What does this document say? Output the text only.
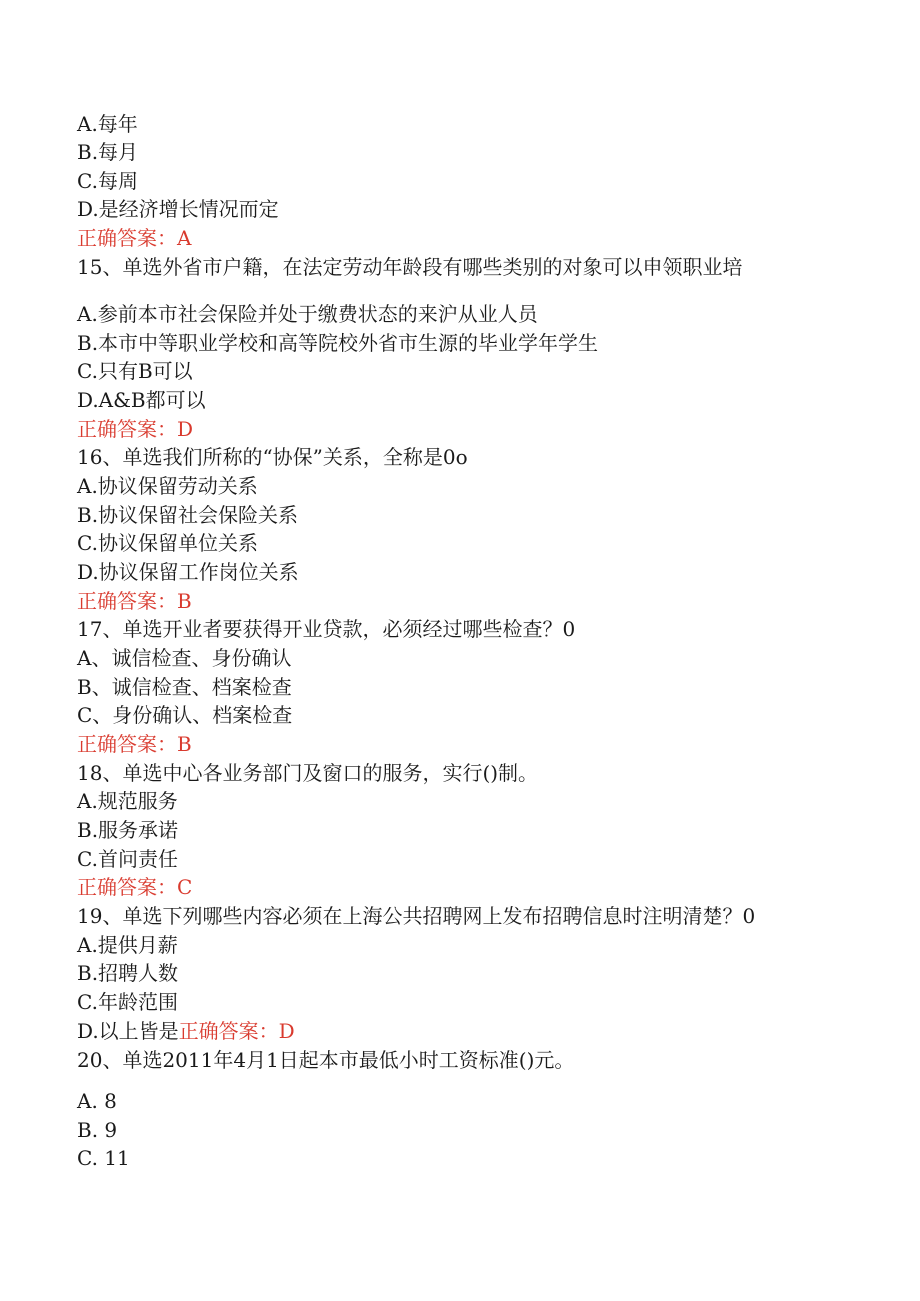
A.每年
B.每月
C.每周
D.是经济增长情况而定
正确答案：A
15、单选外省市户籍，在法定劳动年龄段有哪些类别的对象可以申领职业培
A.参前本市社会保险并处于缴费状态的来沪从业人员
B.本市中等职业学校和高等院校外省市生源的毕业学年学生
C.只有B可以
D.A&B都可以
正确答案：D
16、单选我们所称的“协保”关系，全称是0o
A.协议保留劳动关系
B.协议保留社会保险关系
C.协议保留单位关系
D.协议保留工作岗位关系
正确答案：B
17、单选开业者要获得开业贷款，必须经过哪些检查？0
A、诚信检查、身份确认
B、诚信检查、档案检查
C、身份确认、档案检查
正确答案：B
18、单选中心各业务部门及窗口的服务，实行()制。
A.规范服务
B.服务承诺
C.首问责任
正确答案：C
19、单选下列哪些内容必须在上海公共招聘网上发布招聘信息时注明清楚？0
A.提供月薪
B.招聘人数
C.年龄范围
D.以上皆是正确答案：D
20、单选2011年4月1日起本市最低小时工资标准()元。
A. 8
B. 9
C. 11
